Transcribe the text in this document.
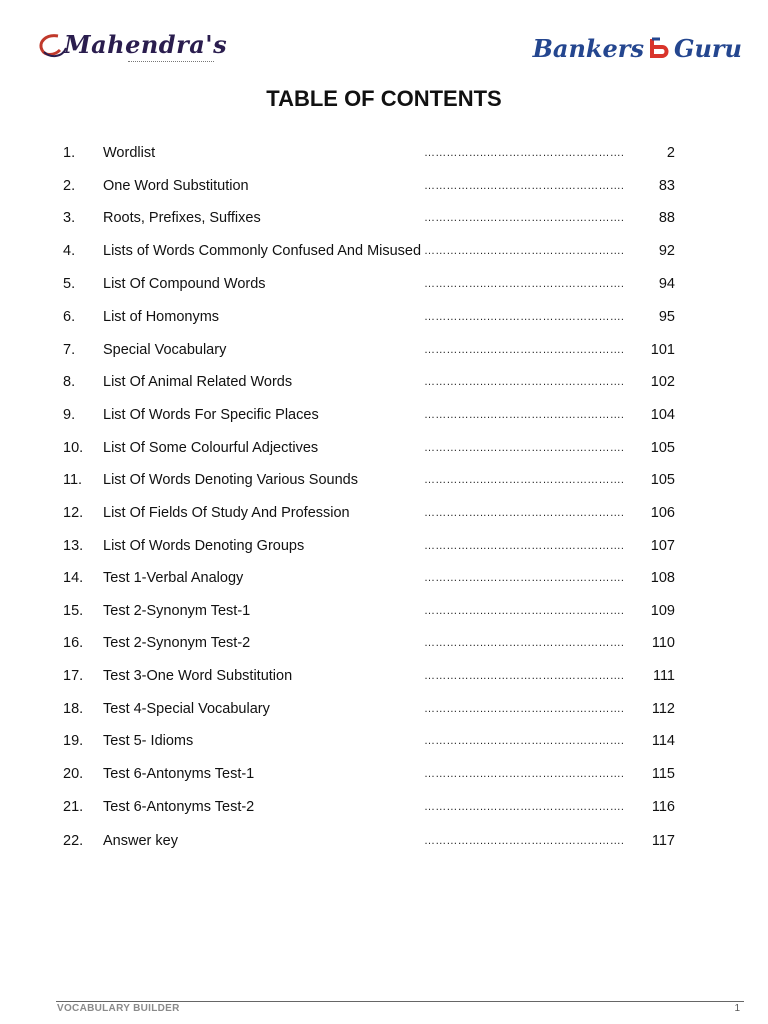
Mahendra's	Bankers Guru
TABLE OF CONTENTS
1. Wordlist	……………..……………………………….	2
2. One Word Substitution	……………..……………………………….	83
3. Roots, Prefixes, Suffixes	……………..……………………………….	88
4. Lists of Words Commonly Confused And Misused ……………..……………………………….	92
5. List Of Compound Words	……………..……………………………….	94
6. List of Homonyms	……………..……………………………….	95
7. Special Vocabulary	……………..……………………………….	101
8. List Of Animal Related Words	……………..……………………………….	102
9. List Of Words For Specific Places	……………..……………………………….	104
10. List Of Some Colourful Adjectives	……………..……………………………….	105
11. List Of Words Denoting Various Sounds	……………..……………………………….	105
12. List Of Fields Of Study And Profession	……………..……………………………….	106
13. List Of Words Denoting Groups	……………..……………………………….	107
14. Test 1-Verbal Analogy	……………..……………………………….	108
15. Test 2-Synonym Test-1	……………..……………………………….	109
16. Test 2-Synonym Test-2	……………..……………………………….	110
17. Test 3-One Word Substitution	……………..……………………………….	111
18. Test 4-Special Vocabulary	……………..……………………………….	112
19. Test 5- Idioms	……………..……………………………….	114
20. Test 6-Antonyms Test-1	……………..……………………………….	115
21. Test 6-Antonyms Test-2	……………..……………………………….	116
22. Answer key	……………..……………………………….	117
VOCABULARY BUILDER	1
